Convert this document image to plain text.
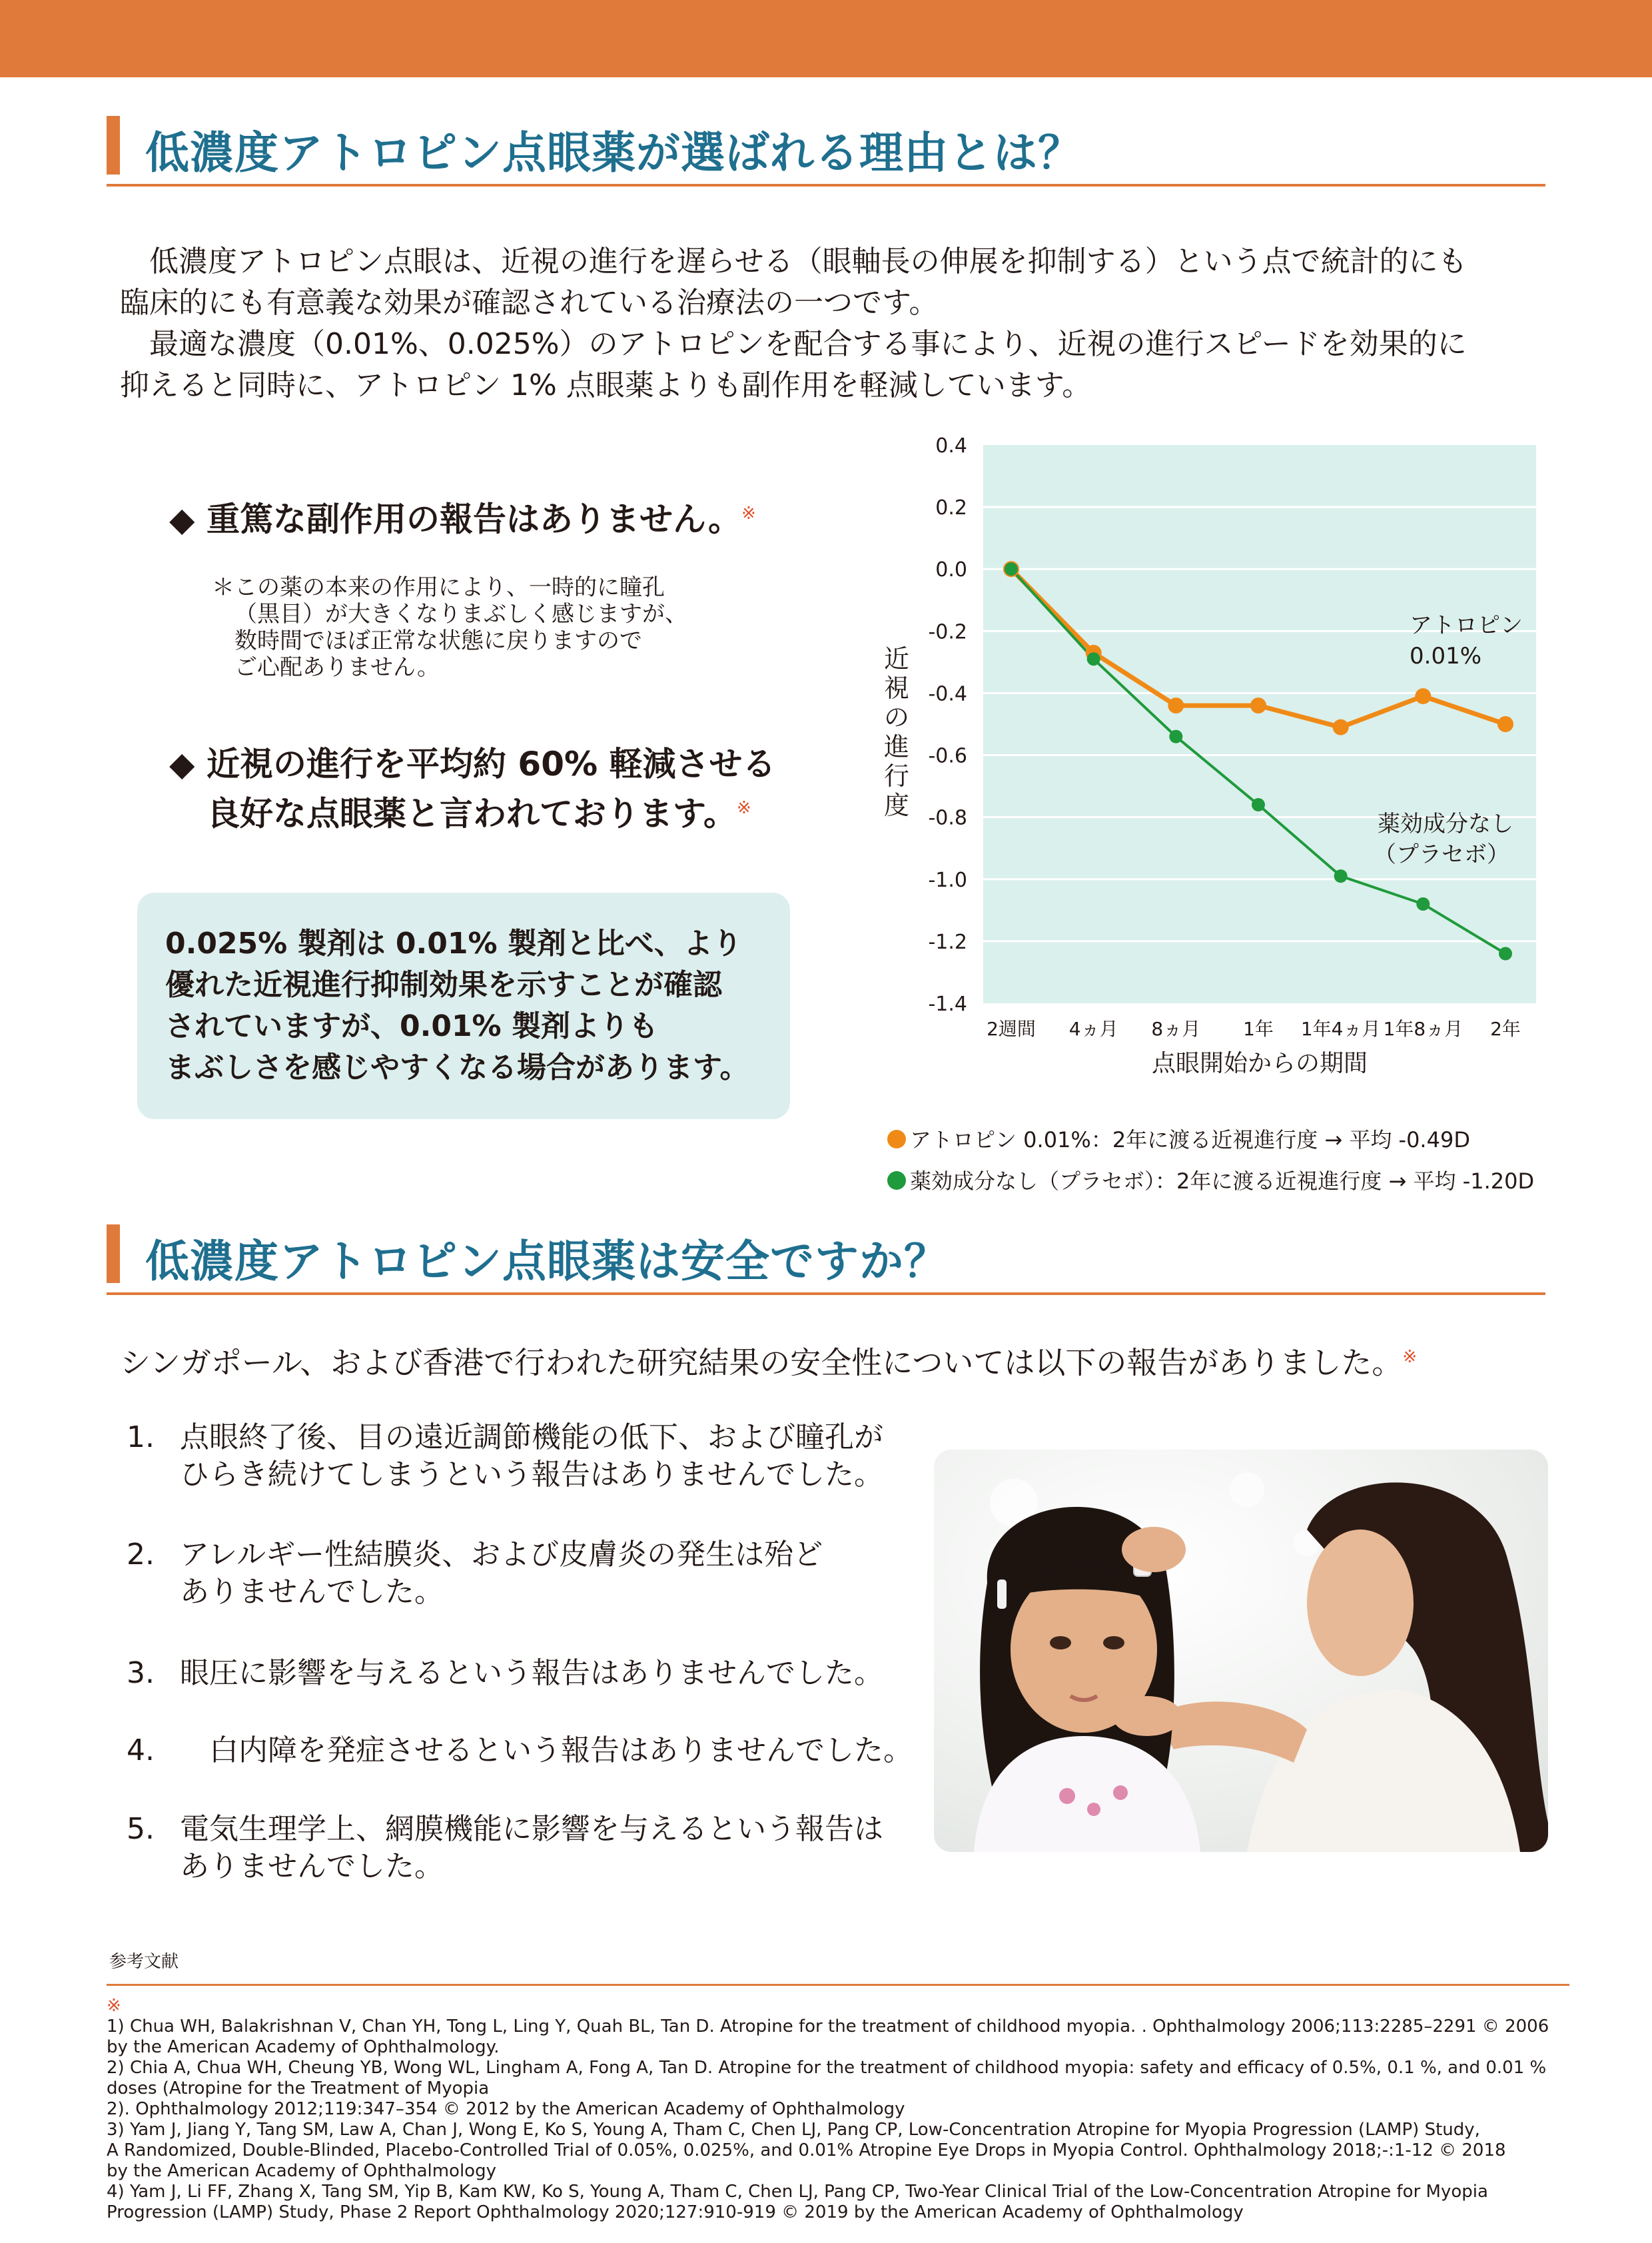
低濃度アトロピン点眼薬が選ばれる理由とは？
　低濃度アトロピン点眼は、近視の進行を遅らせる（眼軸長の伸展を抑制する）という点で統計的にも
臨床的にも有意義な効果が確認されている治療法の一つです。
　最適な濃度（0.01%、0.025%）のアトロピンを配合する事により、近視の進行スピードを効果的に
抑えると同時に、アトロピン 1% 点眼薬よりも副作用を軽減しています。
◆ 重篤な副作用の報告はありません。※
＊この薬の本来の作用により、一時的に瞳孔
（黒目）が大きくなりまぶしく感じますが、
数時間でほぼ正常な状態に戻りますので
ご心配ありません。
◆ 近視の進行を平均約 60% 軽減させる
良好な点眼薬と言われております。※
0.025% 製剤は 0.01% 製剤と比べ、より
優れた近視進行抑制効果を示すことが確認
されていますが、0.01% 製剤よりも
まぶしさを感じやすくなる場合があります。
0.4
0.2
0.0
-0.2
-0.4
-0.6
-0.8
-1.0
-1.2
-1.4
2週間 4ヵ月 8ヵ月 1年 1年4ヵ月 1年8ヵ月 2年
近視の進行度
点眼開始からの期間
アトロピン
0.01%
薬効成分なし
（プラセボ）
アトロピン 0.01%：2年に渡る近視進行度 → 平均 -0.49D
薬効成分なし（プラセボ）：2年に渡る近視進行度 → 平均 -1.20D
低濃度アトロピン点眼薬は安全ですか？
シンガポール、および香港で行われた研究結果の安全性については以下の報告がありました。※
1. 点眼終了後、目の遠近調節機能の低下、および瞳孔が
ひらき続けてしまうという報告はありませんでした。
2. アレルギー性結膜炎、および皮膚炎の発生は殆ど
ありませんでした。
3. 眼圧に影響を与えるという報告はありませんでした。
4.　白内障を発症させるという報告はありませんでした。
5. 電気生理学上、網膜機能に影響を与えるという報告は
ありませんでした。
参考文献
※
1) Chua WH, Balakrishnan V, Chan YH, Tong L, Ling Y, Quah BL, Tan D. Atropine for the treatment of childhood myopia. . Ophthalmology 2006;113:2285–2291 © 2006
by the American Academy of Ophthalmology.
2) Chia A, Chua WH, Cheung YB, Wong WL, Lingham A, Fong A, Tan D. Atropine for the treatment of childhood myopia: safety and efficacy of 0.5%, 0.1 %, and 0.01 %
doses (Atropine for the Treatment of Myopia
2). Ophthalmology 2012;119:347–354 © 2012 by the American Academy of Ophthalmology
3) Yam J, Jiang Y, Tang SM, Law A, Chan J, Wong E, Ko S, Young A, Tham C, Chen LJ, Pang CP, Low-Concentration Atropine for Myopia Progression (LAMP) Study,
A Randomized, Double-Blinded, Placebo-Controlled Trial of 0.05%, 0.025%, and 0.01% Atropine Eye Drops in Myopia Control. Ophthalmology 2018;-:1-12 © 2018
by the American Academy of Ophthalmology
4) Yam J, Li FF, Zhang X, Tang SM, Yip B, Kam KW, Ko S, Young A, Tham C, Chen LJ, Pang CP, Two-Year Clinical Trial of the Low-Concentration Atropine for Myopia
Progression (LAMP) Study, Phase 2 Report Ophthalmology 2020;127:910-919 © 2019 by the American Academy of Ophthalmology
